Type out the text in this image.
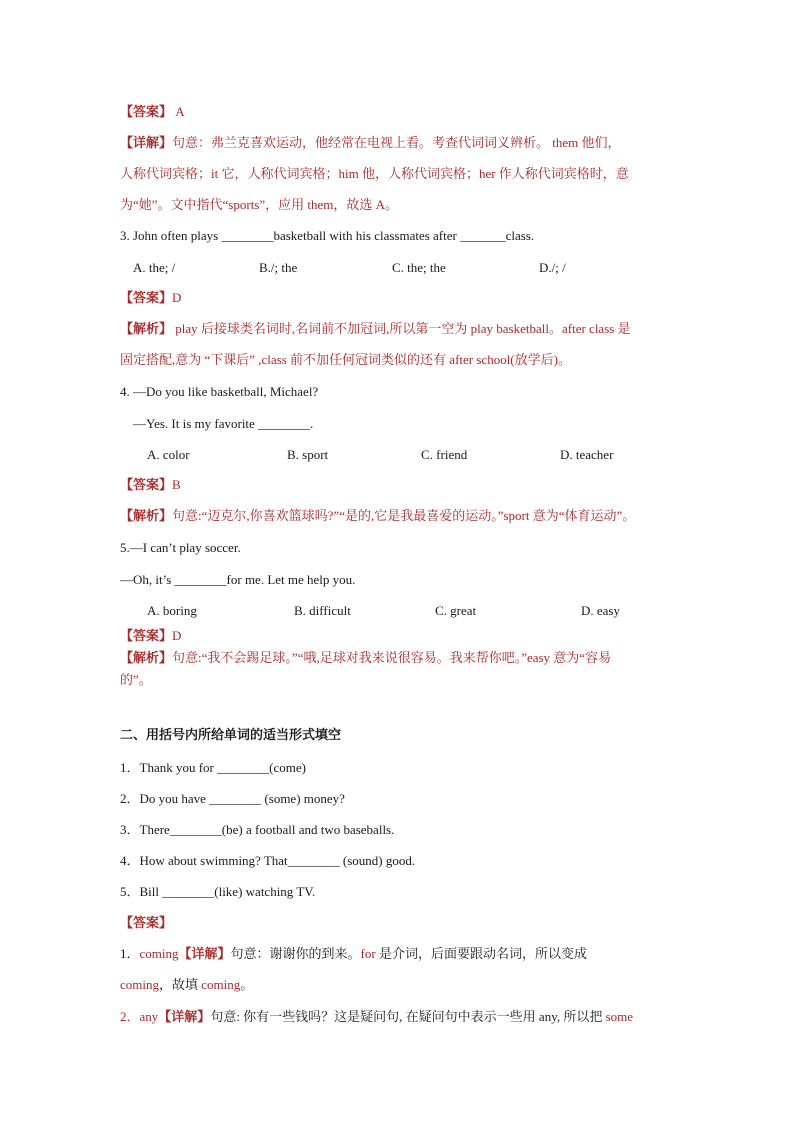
【答案】 A
【详解】句意：弗兰克喜欢运动，他经常在电视上看。考查代词词义辨析。 them 他们，
人称代词宾格；it 它，人称代词宾格；him 他，人称代词宾格；her 作人称代词宾格时，意
为“她”。文中指代“sports”，应用 them，故选 A。
3. John often plays ________basketball with his classmates after _______class.
A. the; /	B./; the	C. the; the	D./; /
【答案】D
【解析】 play 后接球类名词时,名词前不加冠词,所以第一空为 play basketball。after class 是
固定搭配,意为 “下课后” ,class 前不加任何冠词类似的还有 after school(放学后)。
4. —Do you like basketball, Michael?
—Yes. It is my favorite ________.
A. color	B. sport	C. friend	D. teacher
【答案】B
【解析】句意:“迈克尔,你喜欢篮球吗?”“是的,它是我最喜爱的运动。”sport 意为“体育运动”。
5.—I can’t play soccer.
—Oh, it’s ________for me. Let me help you.
A. boring	B. difficult	C. great	D. easy
【答案】D
【解析】句意:“我不会踢足球。”“哦,足球对我来说很容易。我来帮你吧。”easy 意为“容易
的”。
二、用括号内所给单词的适当形式填空
1．Thank you for ________(come)
2．Do you have ________ (some) money?
3．There________(be) a football and two baseballs.
4．How about swimming? That________ (sound) good.
5．Bill ________(like) watching TV.
【答案】
1．coming【详解】句意：谢谢你的到来。for 是介词，后面要跟动名词，所以变成
coming，故填 coming。
2．any【详解】句意: 你有一些钱吗？这是疑问句, 在疑问句中表示一些用 any, 所以把 some
